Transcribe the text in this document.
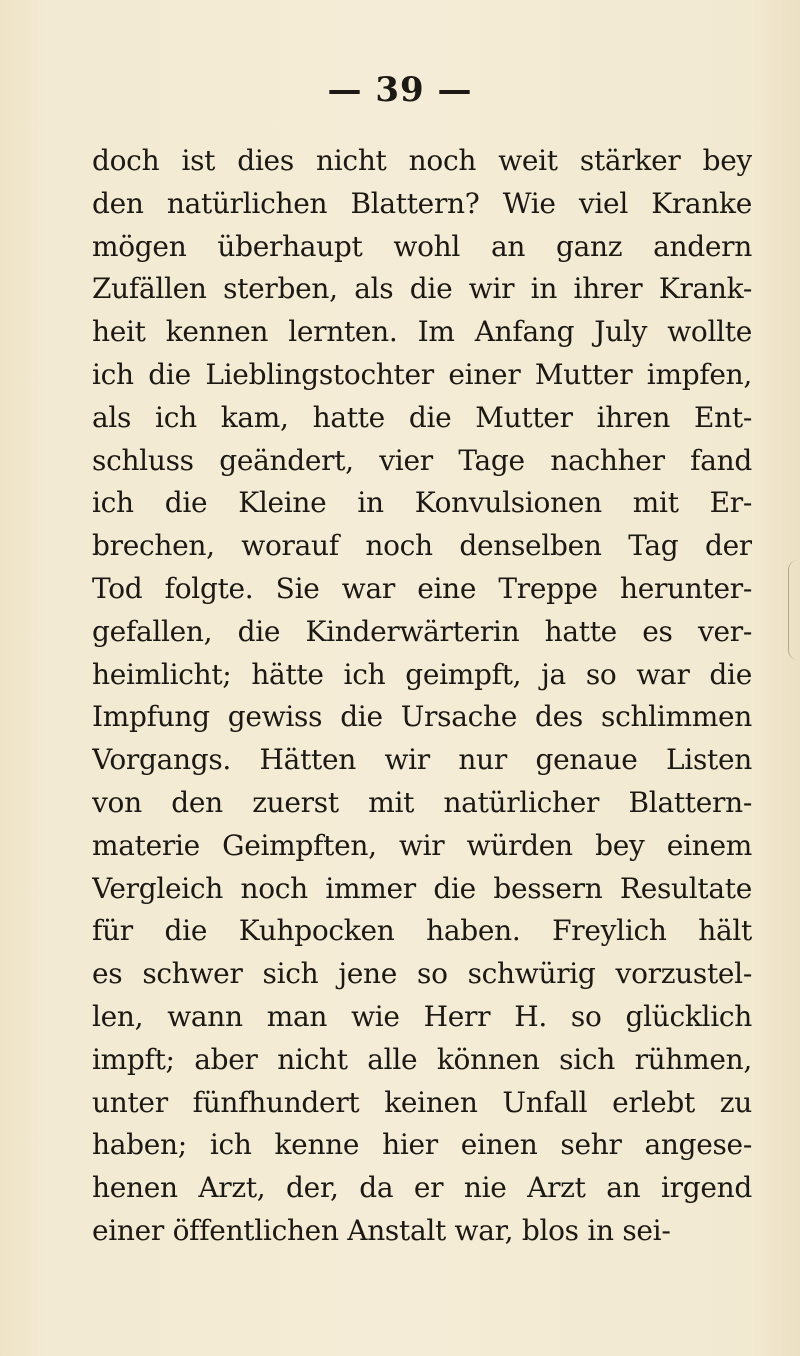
— 39 —
doch ist dies nicht noch weit stärker bey
den natürlichen Blattern? Wie viel Kranke
mögen überhaupt wohl an ganz andern
Zufällen sterben, als die wir in ihrer Krank-
heit kennen lernten. Im Anfang July wollte
ich die Lieblingstochter einer Mutter impfen,
als ich kam, hatte die Mutter ihren Ent-
schluss geändert, vier Tage nachher fand
ich die Kleine in Konvulsionen mit Er-
brechen, worauf noch denselben Tag der
Tod folgte. Sie war eine Treppe herunter-
gefallen, die Kinderwärterin hatte es ver-
heimlicht; hätte ich geimpft, ja so war die
Impfung gewiss die Ursache des schlimmen
Vorgangs. Hätten wir nur genaue Listen
von den zuerst mit natürlicher Blattern-
materie Geimpften, wir würden bey einem
Vergleich noch immer die bessern Resultate
für die Kuhpocken haben. Freylich hält
es schwer sich jene so schwürig vorzustel-
len, wann man wie Herr H. so glücklich
impft; aber nicht alle können sich rühmen,
unter fünfhundert keinen Unfall erlebt zu
haben; ich kenne hier einen sehr angese-
henen Arzt, der, da er nie Arzt an irgend
einer öffentlichen Anstalt war, blos in sei-
